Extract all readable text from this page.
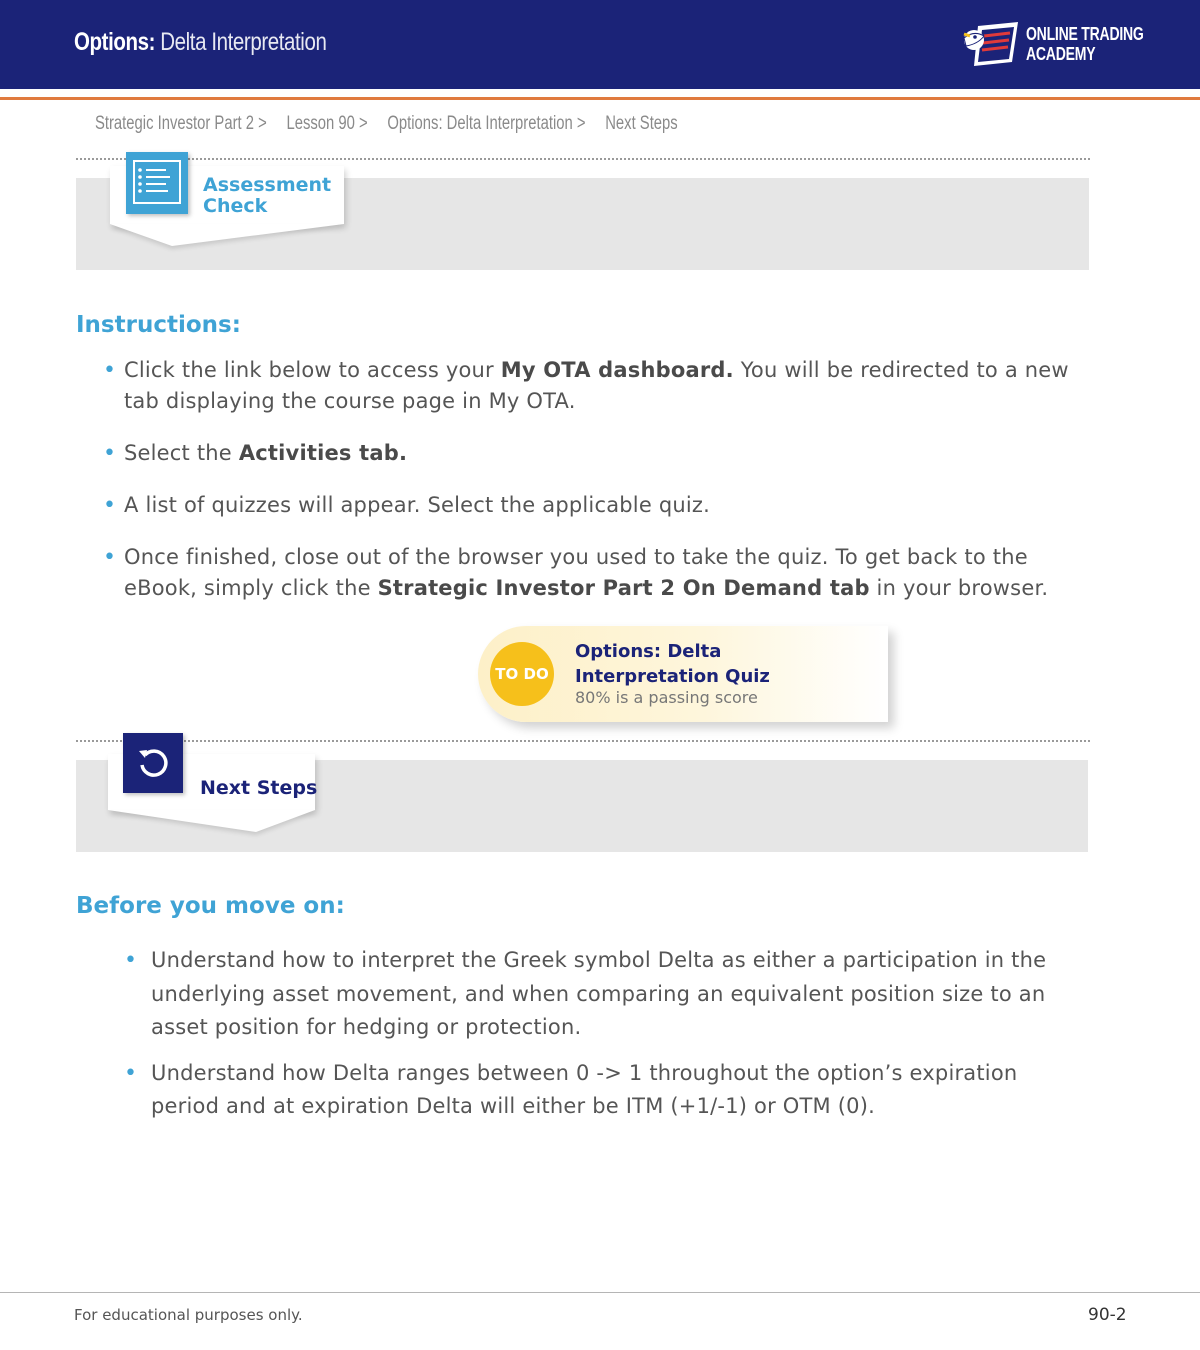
Options: Delta Interpretation	ONLINE TRADING
ACADEMY
Strategic Investor Part 2 > Lesson 90 > Options: Delta Interpretation > Next Steps
Assessment
Check
Instructions:
• Click the link below to access your My OTA dashboard. You will be redirected to a new tab displaying the course page in My OTA.
• Select the Activities tab.
• A list of quizzes will appear. Select the applicable quiz.
• Once finished, close out of the browser you used to take the quiz. To get back to the eBook, simply click the Strategic Investor Part 2 On Demand tab in your browser.
TO DO
Options: Delta
Interpretation Quiz
80% is a passing score
Next Steps
Before you move on:
• Understand how to interpret the Greek symbol Delta as either a participation in the underlying asset movement, and when comparing an equivalent position size to an asset position for hedging or protection.
• Understand how Delta ranges between 0 -> 1 throughout the option’s expiration period and at expiration Delta will either be ITM (+1/-1) or OTM (0).
For educational purposes only.	90-2
